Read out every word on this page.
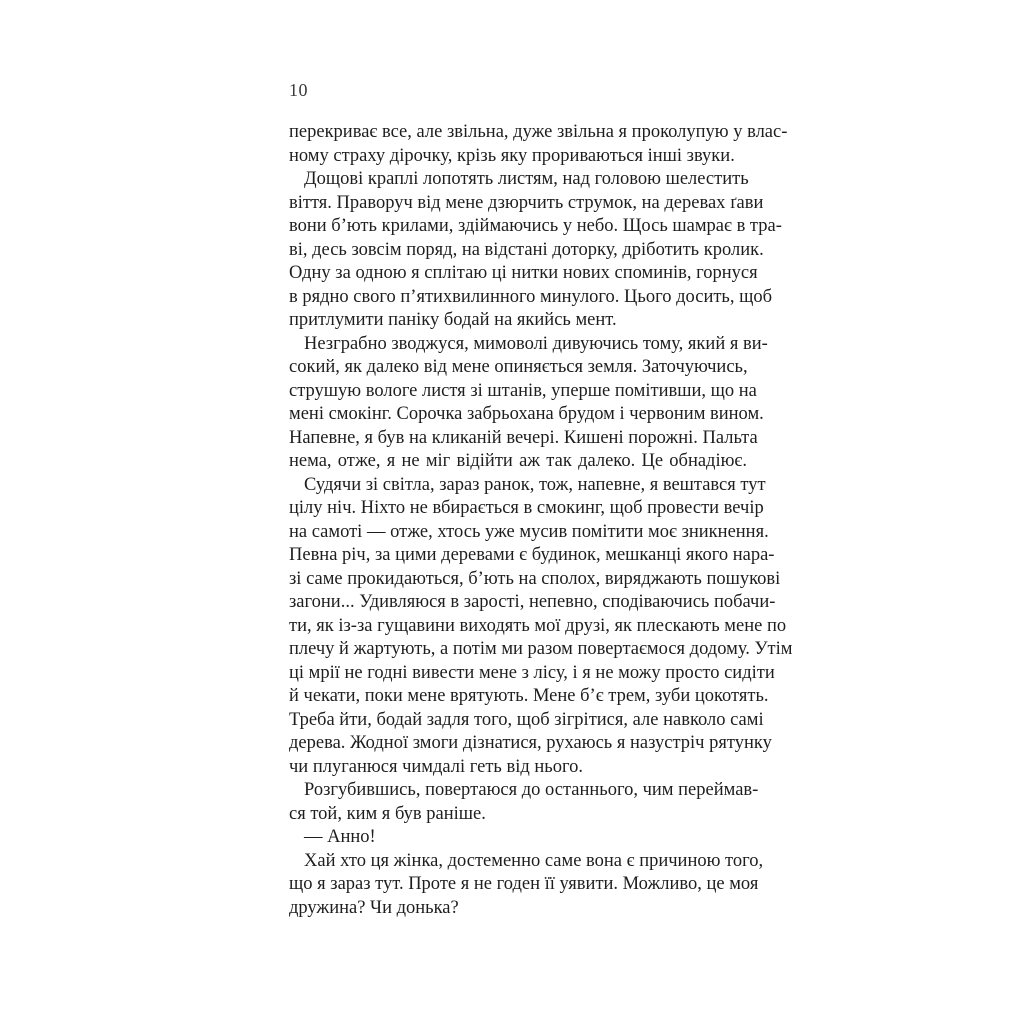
10
перекриває все, але звільна, дуже звільна я проколупую у влас-
ному страху дірочку, крізь яку прориваються інші звуки.
Дощові краплі лопотять листям, над головою шелестить
віття. Праворуч від мене дзюрчить струмок, на деревах ґави
вони б’ють крилами, здіймаючись у небо. Щось шамрає в тра-
ві, десь зовсім поряд, на відстані доторку, дріботить кролик.
Одну за одною я сплітаю ці нитки нових споминів, горнуся
в рядно свого п’ятихвилинного минулого. Цього досить, щоб
притлумити паніку бодай на якийсь мент.
Незграбно зводжуся, мимоволі дивуючись тому, який я ви-
сокий, як далеко від мене опиняється земля. Заточуючись,
струшую вологе листя зі штанів, уперше помітивши, що на
мені смокінг. Сорочка забрьохана брудом і червоним вином.
Напевне, я був на кликаній вечері. Кишені порожні. Пальта
нема, отже, я не міг відійти аж так далеко. Це обнадіює.
Судячи зі світла, зараз ранок, тож, напевне, я вештався тут
цілу ніч. Ніхто не вбирається в смокинг, щоб провести вечір
на самоті — отже, хтось уже мусив помітити моє зникнення.
Певна річ, за цими деревами є будинок, мешканці якого нара-
зі саме прокидаються, б’ють на сполох, виряджають пошукові
загони... Удивляюся в зарості, непевно, сподіваючись побачи-
ти, як із-за гущавини виходять мої друзі, як плескають мене по
плечу й жартують, а потім ми разом повертаємося додому. Утім
ці мрії не годні вивести мене з лісу, і я не можу просто сидіти
й чекати, поки мене врятують. Мене б’є трем, зуби цокотять.
Треба йти, бодай задля того, щоб зігрітися, але навколо самі
дерева. Жодної змоги дізнатися, рухаюсь я назустріч рятунку
чи плуганюся чимдалі геть від нього.
Розгубившись, повертаюся до останнього, чим переймав-
ся той, ким я був раніше.
— Анно!
Хай хто ця жінка, достеменно саме вона є причиною того,
що я зараз тут. Проте я не годен її уявити. Можливо, це моя
дружина? Чи донька?
